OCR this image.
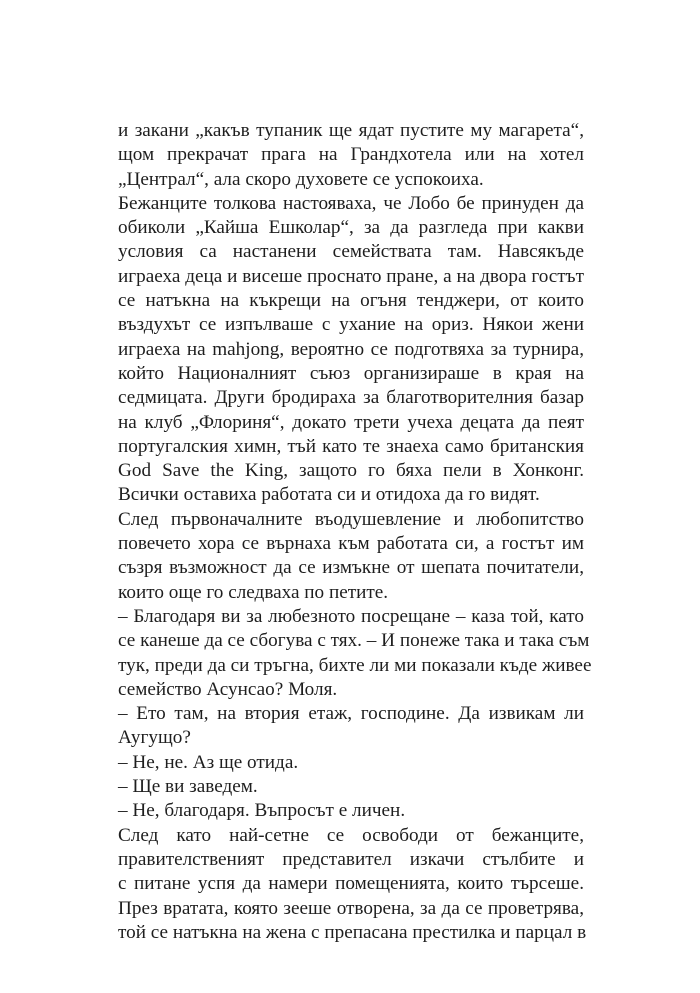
и закани „какъв тупаник ще ядат пустите му магарета“,
щом прекрачат прага на Грандхотела или на хотел
„Централ“, ала скоро духовете се успокоиха.
Бежанците толкова настояваха, че Лобо бе принуден да
обиколи „Кайша Ешколар“, за да разгледа при какви
условия са настанени семействата там. Навсякъде
играеха деца и висеше проснато пране, а на двора гостът
се натъкна на къкрещи на огъня тенджери, от които
въздухът се изпълваше с ухание на ориз. Някои жени
играеха на mahjong, вероятно се подготвяха за турнира,
който Националният съюз организираше в края на
седмицата. Други бродираха за благотворителния базар
на клуб „Флориня“, докато трети учеха децата да пеят
португалския химн, тъй като те знаеха само британския
God Save the King, защото го бяха пели в Хонконг.
Всички оставиха работата си и отидоха да го видят.
След първоначалните въодушевление и любопитство
повечето хора се върнаха към работата си, а гостът им
съзря възможност да се измъкне от шепата почитатели,
които още го следваха по петите.
– Благодаря ви за любезното посрещане – каза той, като
се канеше да се сбогува с тях. – И понеже така и така съм
тук, преди да си тръгна, бихте ли ми показали къде живее
семейство Асунсао? Моля.
– Ето там, на втория етаж, господине. Да извикам ли
Аугущо?
– Не, не. Аз ще отида.
– Ще ви заведем.
– Не, благодаря. Въпросът е личен.
След като най-сетне се освободи от бежанците,
правителственият представител изкачи стълбите и
с питане успя да намери помещенията, които търсеше.
През вратата, която зееше отворена, за да се проветрява,
той се натъкна на жена с препасана престилка и парцал в
